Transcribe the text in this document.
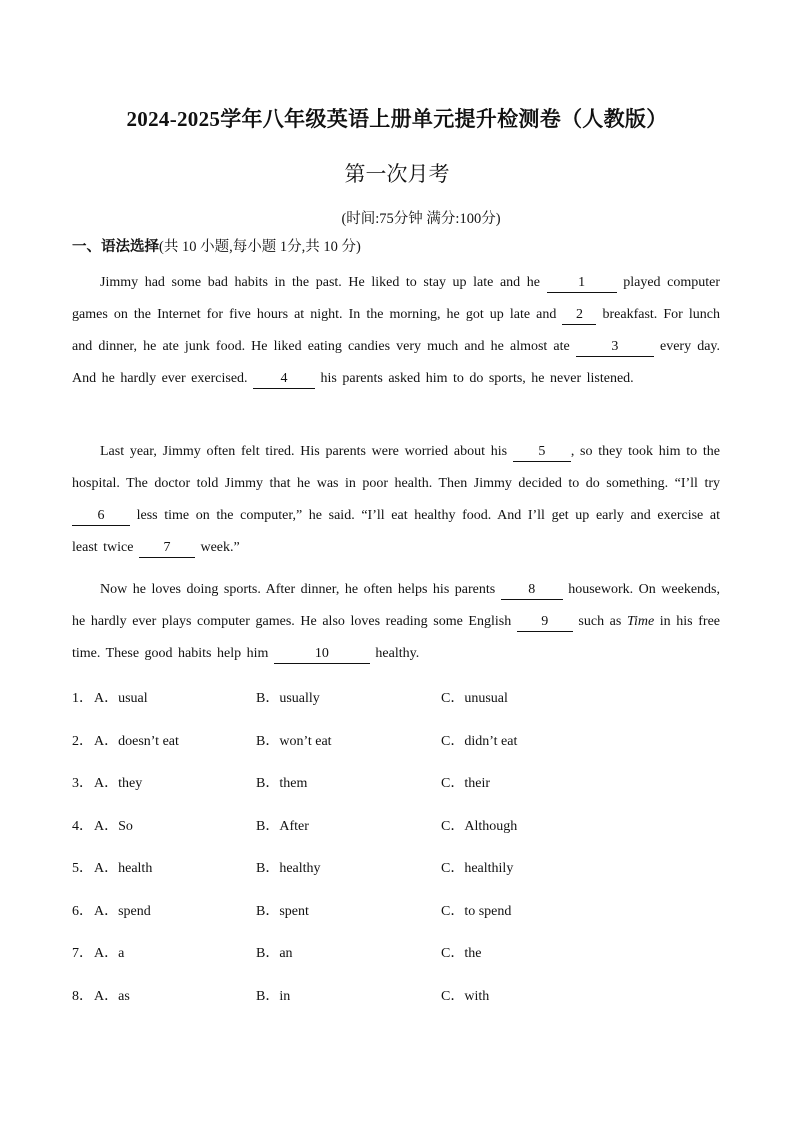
2024-2025学年八年级英语上册单元提升检测卷（人教版）
第一次月考
(时间:75分钟 满分:100分)
一、语法选择(共 10 小题,每小题 1分,共 10 分)
Jimmy had some bad habits in the past. He liked to stay up late and he 1 played computer games on the Internet for five hours at night. In the morning, he got up late and 2 breakfast. For lunch and dinner, he ate junk food. He liked eating candies very much and he almost ate	3	every day. And he hardly ever exercised. 4 his parents asked him to do sports, he never listened.
Last year, Jimmy often felt tired. His parents were worried about his 5 , so they took him to the hospital. The doctor told Jimmy that he was in poor health. Then Jimmy decided to do something. “I’ll try 6 less time on the computer,” he said. “I’ll eat healthy food. And I’ll get up early and exercise at least twice 7 week.”
Now he loves doing sports. After dinner, he often helps his parents 8 housework. On weekends, he hardly ever plays computer games. He also loves reading some English 9 such as Time in his free time. These good habits help him	10	healthy.
1． A．usual	B．usually	C．unusual
2． A．doesn’t eat	B．won’t eat	C．didn’t eat
3． A．they	B．them	C．their
4． A．So	B．After	C．Although
5． A．health	B．healthy	C．healthily
6． A．spend	B．spent	C．to spend
7． A．a	B．an	C．the
8． A．as	B．in	C．with
